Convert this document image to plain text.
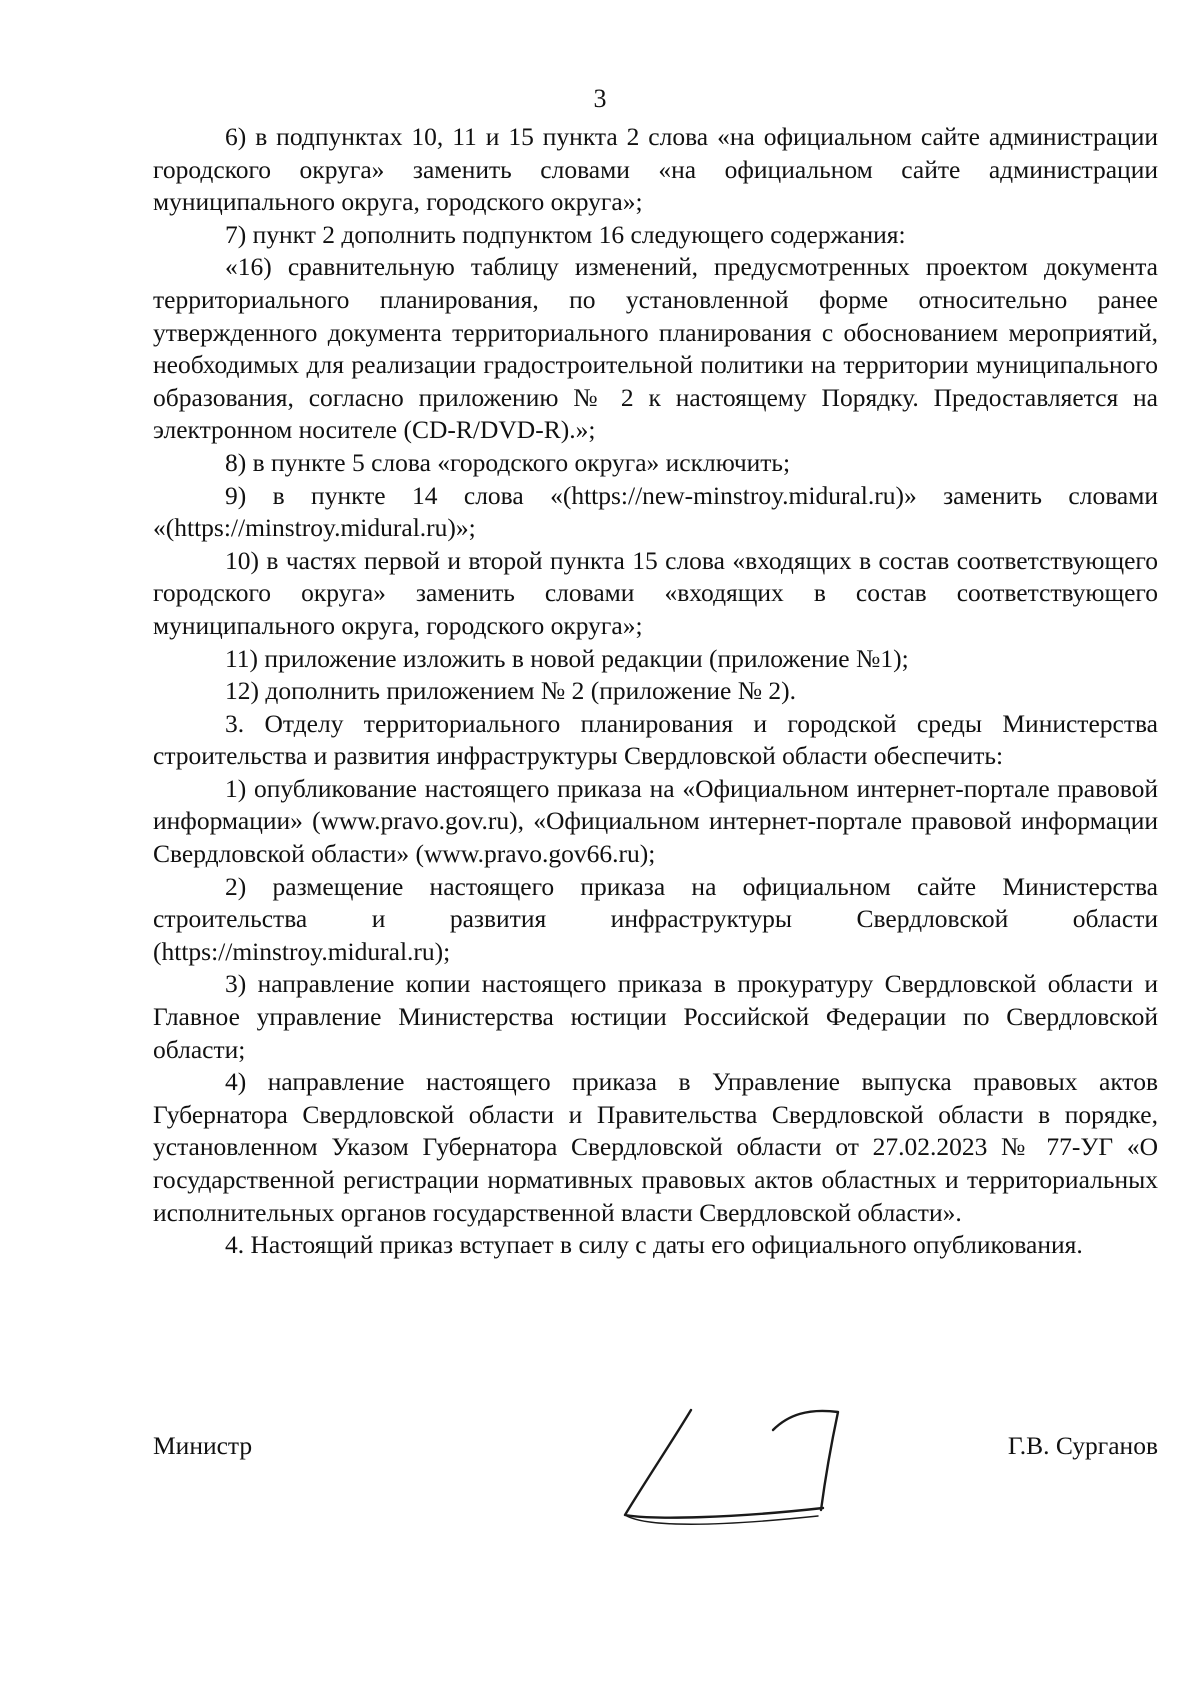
3

6) в подпунктах 10, 11 и 15 пункта 2 слова «на официальном сайте администрации городского округа» заменить словами «на официальном сайте администрации муниципального округа, городского округа»;

7) пункт 2 дополнить подпунктом 16 следующего содержания:

«16) сравнительную таблицу изменений, предусмотренных проектом документа территориального планирования, по установленной форме относительно ранее утвержденного документа территориального планирования с обоснованием мероприятий, необходимых для реализации градостроительной политики на территории муниципального образования, согласно приложению № 2 к настоящему Порядку. Предоставляется на электронном носителе (CD-R/DVD-R).»;

8) в пункте 5 слова «городского округа» исключить;

9) в пункте 14 слова «(https://new-minstroy.midural.ru)» заменить словами «(https://minstroy.midural.ru)»;

10) в частях первой и второй пункта 15 слова «входящих в состав соответствующего городского округа» заменить словами «входящих в состав соответствующего муниципального округа, городского округа»;

11) приложение изложить в новой редакции (приложение №1);

12) дополнить приложением № 2 (приложение № 2).

3. Отделу территориального планирования и городской среды Министерства строительства и развития инфраструктуры Свердловской области обеспечить:

1) опубликование настоящего приказа на «Официальном интернет-портале правовой информации» (www.pravo.gov.ru), «Официальном интернет-портале правовой информации Свердловской области» (www.pravo.gov66.ru);

2) размещение настоящего приказа на официальном сайте Министерства строительства и развития инфраструктуры Свердловской области (https://minstroy.midural.ru);

3) направление копии настоящего приказа в прокуратуру Свердловской области и Главное управление Министерства юстиции Российской Федерации по Свердловской области;

4) направление настоящего приказа в Управление выпуска правовых актов Губернатора Свердловской области и Правительства Свердловской области в порядке, установленном Указом Губернатора Свердловской области от 27.02.2023 № 77-УГ «О государственной регистрации нормативных правовых актов областных и территориальных исполнительных органов государственной власти Свердловской области».

4. Настоящий приказ вступает в силу с даты его официального опубликования.

Министр	Г.В. Сурганов
